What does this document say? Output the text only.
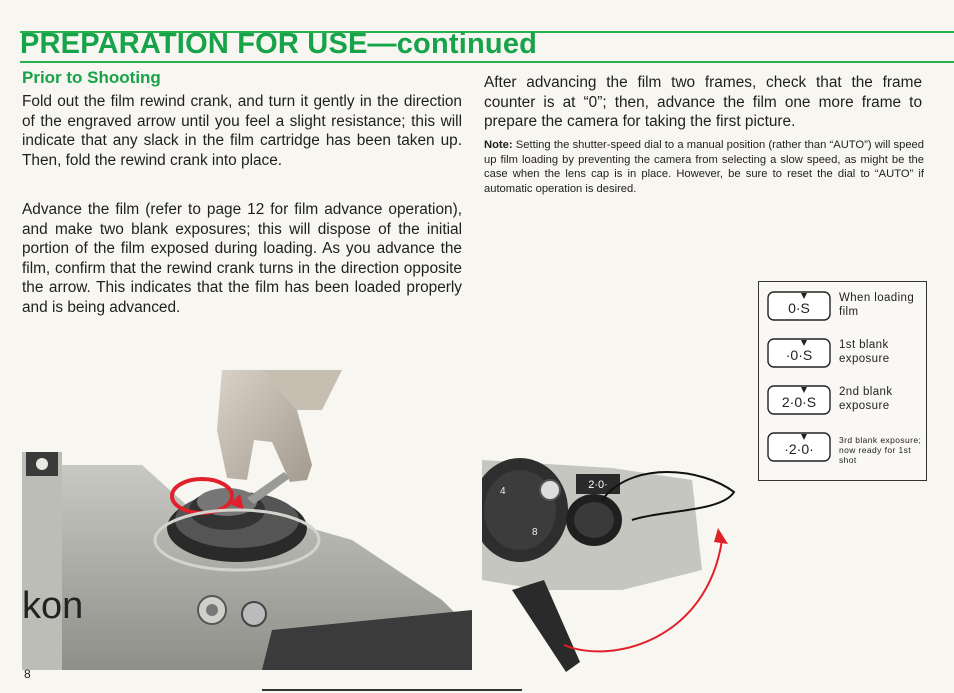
PREPARATION FOR USE—continued
Prior to Shooting

Fold out the film rewind crank, and turn it gently in the direction of the engraved arrow until you feel a slight resistance; this will indicate that any slack in the film cartridge has been taken up. Then, fold the rewind crank into place.

Advance the film (refer to page 12 for film advance operation), and make two blank exposures; this will dispose of the initial portion of the film exposed during loading. As you advance the film, confirm that the rewind crank turns in the direction opposite the arrow. This indicates that the film has been loaded properly and is being advanced.

After advancing the film two frames, check that the frame counter is at “0”; then, advance the film one more frame to prepare the camera for taking the first picture.

Note: Setting the shutter-speed dial to a manual position (rather than “AUTO”) will speed up film loading by preventing the camera from selecting a slow speed, as might be the case when the lens cap is in place. However, be sure to reset the dial to “AUTO” if automatic operation is desired.

0·S
When loading film
·0·S
1st blank exposure
2·0·S
2nd blank exposure
·2·0·
3rd blank exposure; now ready for 1st shot
kon
4
8
2·0·
8
